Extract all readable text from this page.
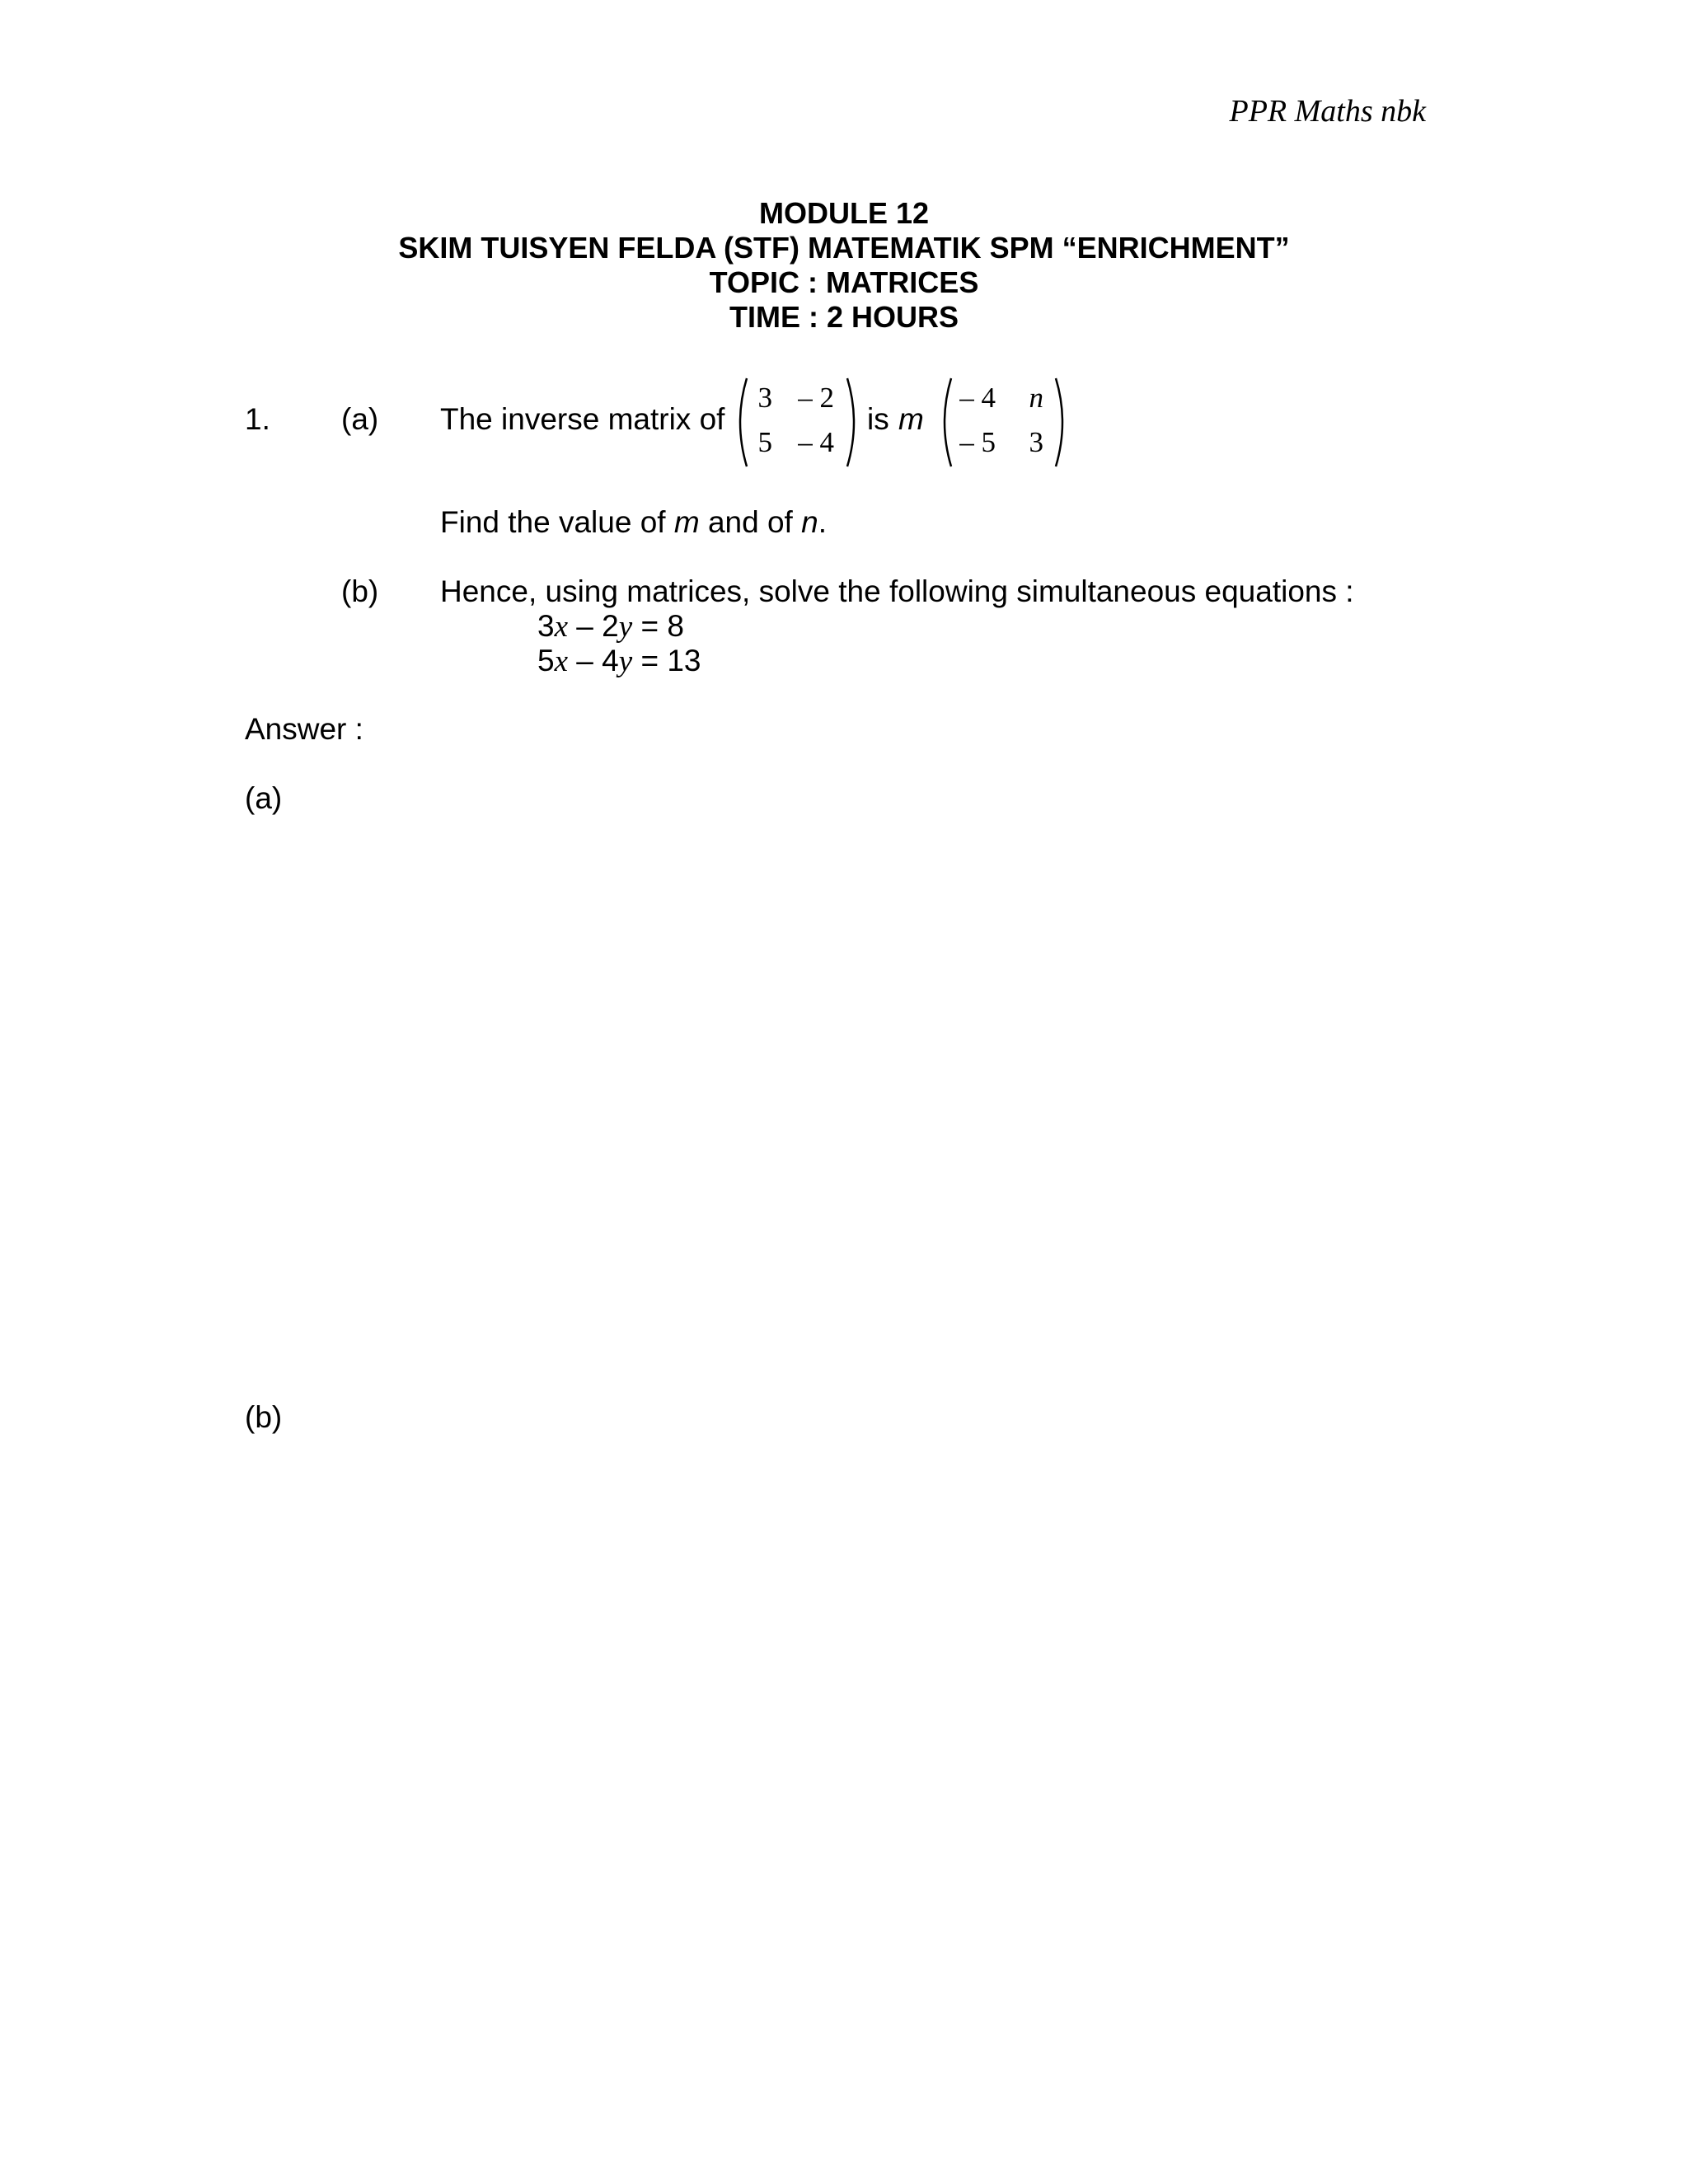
PPR Maths nbk
MODULE 12
SKIM TUISYEN FELDA (STF) MATEMATIK SPM “ENRICHMENT”
TOPIC : MATRICES
TIME : 2 HOURS
1. (a) The inverse matrix of
3 – 2
5 – 4
is m
– 4	n
– 5	3
Find the value of m and of n.
(b) Hence, using matrices, solve the following simultaneous equations :
3x – 2y = 8
5x – 4y = 13
Answer :
(a)
(b)
